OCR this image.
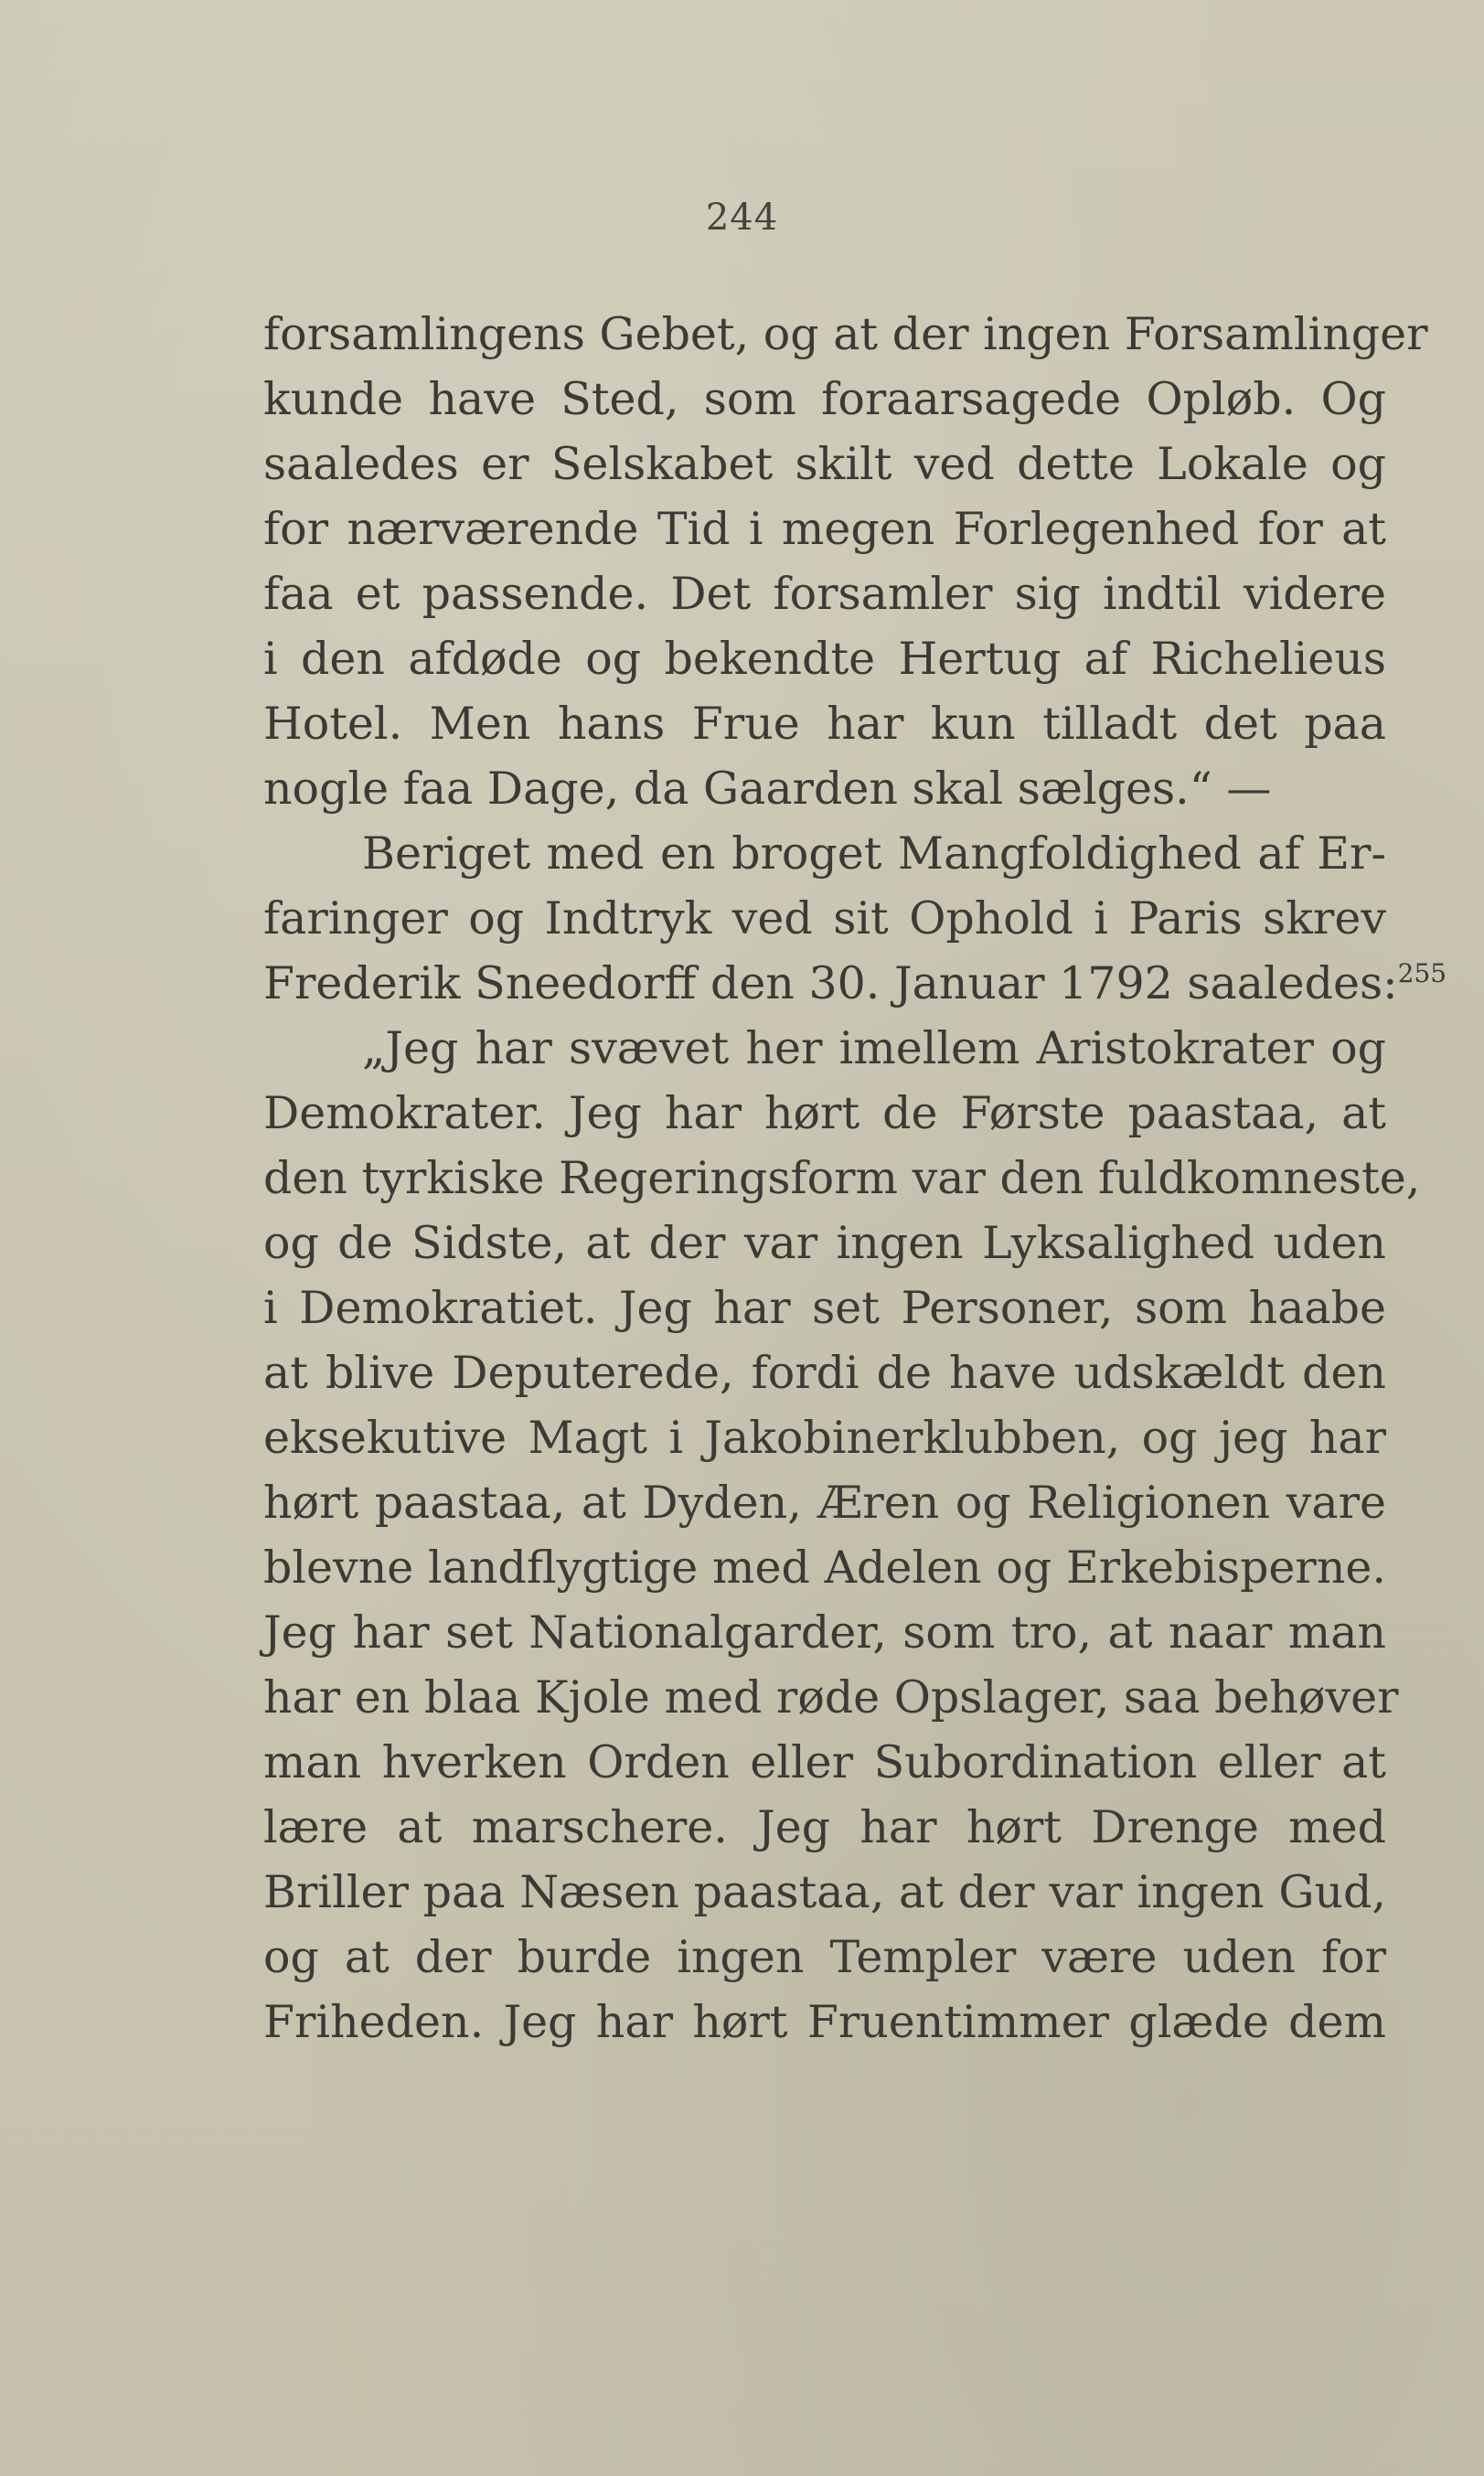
244
forsamlingens Gebet, og at der ingen Forsamlinger
kunde have Sted, som foraarsagede Opløb. Og
saaledes er Selskabet skilt ved dette Lokale og
for nærværende Tid i megen Forlegenhed for at
faa et passende. Det forsamler sig indtil videre
i den afdøde og bekendte Hertug af Richelieus
Hotel. Men hans Frue har kun tilladt det paa
nogle faa Dage, da Gaarden skal sælges.“ —
Beriget med en broget Mangfoldighed af Er-
faringer og Indtryk ved sit Ophold i Paris skrev
Frederik Sneedorff den 30. Januar 1792 saaledes:$^{255}$
„Jeg har svævet her imellem Aristokrater og
Demokrater. Jeg har hørt de Første paastaa, at
den tyrkiske Regeringsform var den fuldkomneste,
og de Sidste, at der var ingen Lyksalighed uden
i Demokratiet. Jeg har set Personer, som haabe
at blive Deputerede, fordi de have udskældt den
eksekutive Magt i Jakobinerklubben, og jeg har
hørt paastaa, at Dyden, Æren og Religionen vare
blevne landflygtige med Adelen og Erkebisperne.
Jeg har set Nationalgarder, som tro, at naar man
har en blaa Kjole med røde Opslager, saa behøver
man hverken Orden eller Subordination eller at
lære at marschere. Jeg har hørt Drenge med
Briller paa Næsen paastaa, at der var ingen Gud,
og at der burde ingen Templer være uden for
Friheden. Jeg har hørt Fruentimmer glæde dem
